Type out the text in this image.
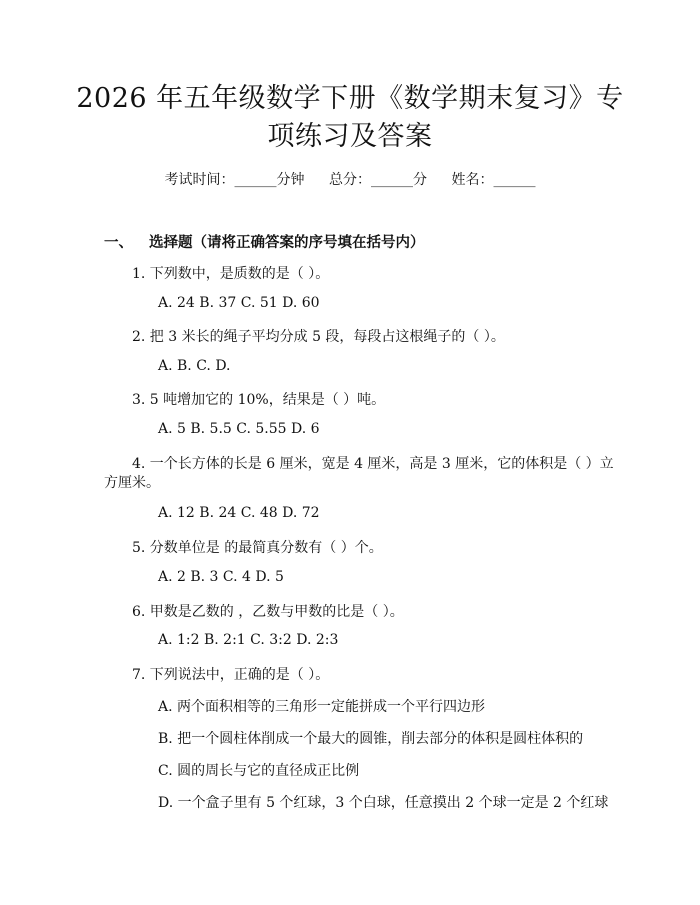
2026 年五年级数学下册《数学期末复习》专
项练习及答案
考试时间：______分钟 总分：______分 姓名：______
一、 选择题（请将正确答案的序号填在括号内）
1. 下列数中，是质数的是（ ）。
A. 24 B. 37 C. 51 D. 60
2. 把 3 米长的绳子平均分成 5 段，每段占这根绳子的（ ）。
A. B. C. D.
3. 5 吨增加它的 10%，结果是（ ）吨。
A. 5 B. 5.5 C. 5.55 D. 6
4. 一个长方体的长是 6 厘米，宽是 4 厘米，高是 3 厘米，它的体积是（ ）立
方厘米。
A. 12 B. 24 C. 48 D. 72
5. 分数单位是 的最简真分数有（ ）个。
A. 2 B. 3 C. 4 D. 5
6. 甲数是乙数的 ，乙数与甲数的比是（ ）。
A. 1:2 B. 2:1 C. 3:2 D. 2:3
7. 下列说法中，正确的是（ ）。
A. 两个面积相等的三角形一定能拼成一个平行四边形
B. 把一个圆柱体削成一个最大的圆锥，削去部分的体积是圆柱体积的
C. 圆的周长与它的直径成正比例
D. 一个盒子里有 5 个红球，3 个白球，任意摸出 2 个球一定是 2 个红球
